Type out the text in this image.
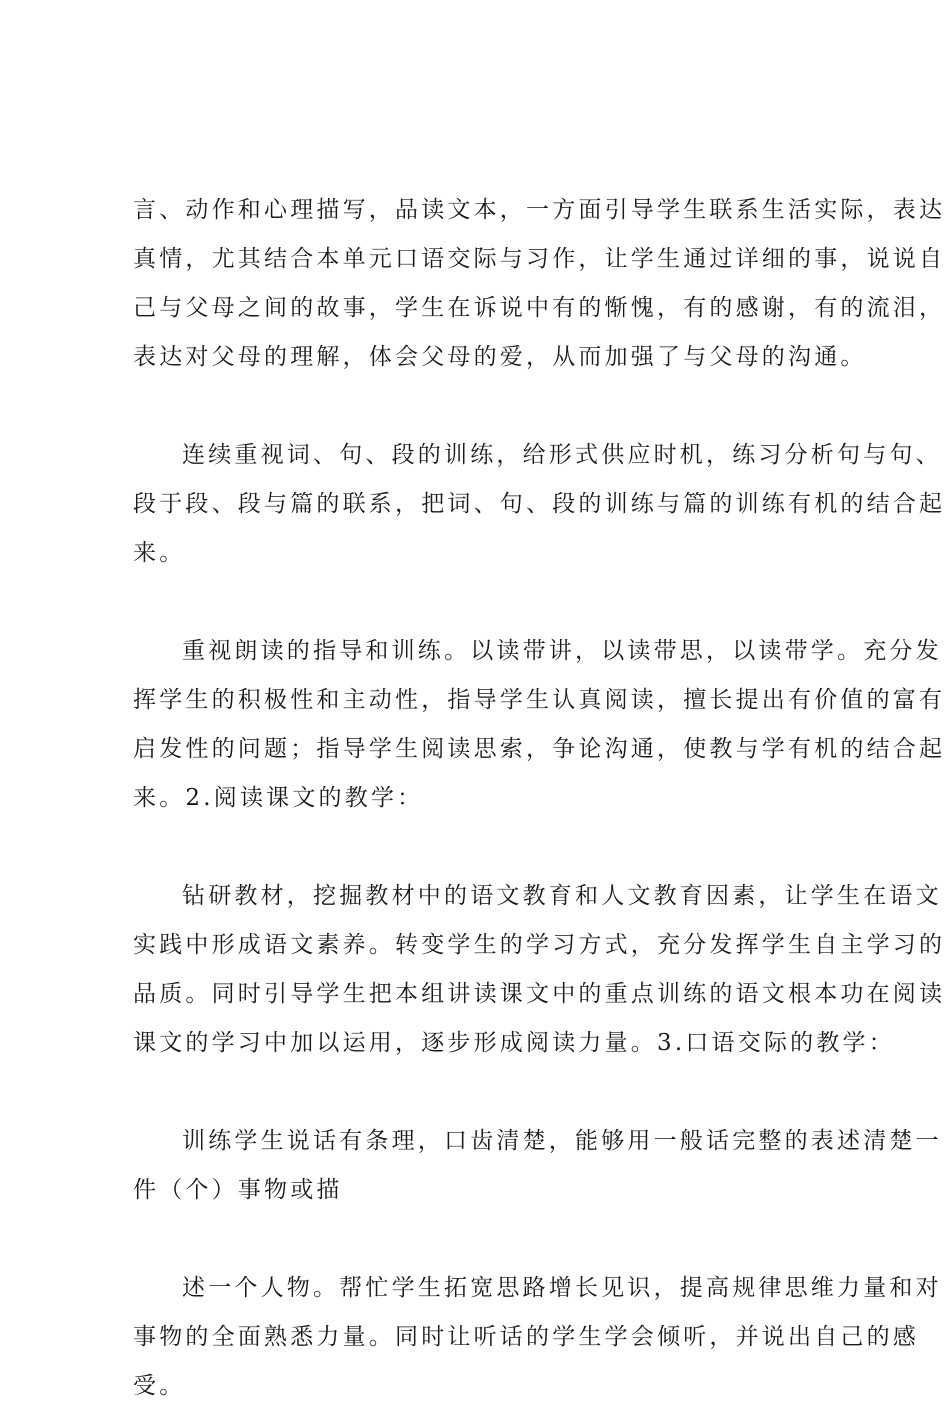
言、动作和心理描写，品读文本，一方面引导学生联系生活实际，表达
真情，尤其结合本单元口语交际与习作，让学生通过详细的事，说说自
己与父母之间的故事，学生在诉说中有的惭愧，有的感谢，有的流泪，
表达对父母的理解，体会父母的爱，从而加强了与父母的沟通。
连续重视词、句、段的训练，给形式供应时机，练习分析句与句、
段于段、段与篇的联系，把词、句、段的训练与篇的训练有机的结合起
来。
重视朗读的指导和训练。以读带讲，以读带思，以读带学。充分发
挥学生的积极性和主动性，指导学生认真阅读，擅长提出有价值的富有
启发性的问题；指导学生阅读思索，争论沟通，使教与学有机的结合起
来。2.阅读课文的教学：
钻研教材，挖掘教材中的语文教育和人文教育因素，让学生在语文
实践中形成语文素养。转变学生的学习方式，充分发挥学生自主学习的
品质。同时引导学生把本组讲读课文中的重点训练的语文根本功在阅读
课文的学习中加以运用，逐步形成阅读力量。3.口语交际的教学：
训练学生说话有条理，口齿清楚，能够用一般话完整的表述清楚一
件（个）事物或描
述一个人物。帮忙学生拓宽思路增长见识，提高规律思维力量和对
事物的全面熟悉力量。同时让听话的学生学会倾听，并说出自己的感
受。
